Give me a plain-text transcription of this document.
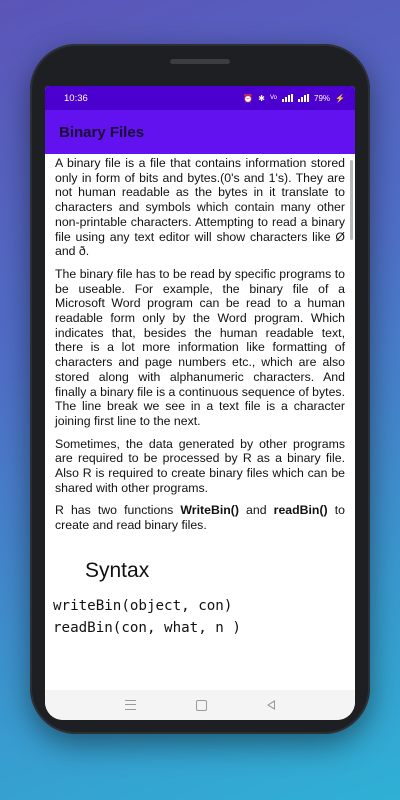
10:36	⏰ ✱ Vo	79% ⚡
Binary Files

A binary file is a file that contains information stored only in form of bits and bytes.(0's and 1's). They are not human readable as the bytes in it translate to characters and symbols which contain many other non-printable characters. Attempting to read a binary file using any text editor will show characters like Ø and ð.

The binary file has to be read by specific programs to be useable. For example, the binary file of a Microsoft Word program can be read to a human readable form only by the Word program. Which indicates that, besides the human readable text, there is a lot more information like formatting of characters and page numbers etc., which are also stored along with alphanumeric characters. And finally a binary file is a continuous sequence of bytes. The line break we see in a text file is a character joining first line to the next.

Sometimes, the data generated by other programs are required to be processed by R as a binary file. Also R is required to create binary files which can be shared with other programs.

R has two functions WriteBin() and readBin() to create and read binary files.

Syntax
writeBin(object, con)
readBin(con, what, n )
